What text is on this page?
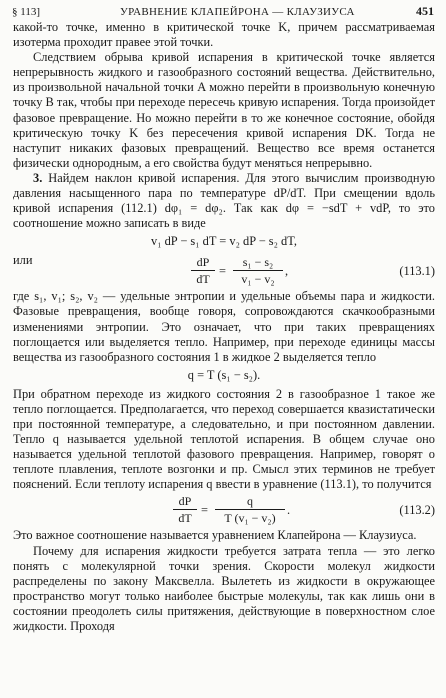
§ 113]	УРАВНЕНИЕ КЛАПЕЙРОНА — КЛАУЗИУСА	451

какой-то точке, именно в критической точке K, причем рассматриваемая изотерма проходит правее этой точки.

Следствием обрыва кривой испарения в критической точке является непрерывность жидкого и газообразного состояний вещества. Действительно, из произвольной начальной точки A можно перейти в произвольную конечную точку B так, чтобы при переходе пересечь кривую испарения. Тогда произойдет фазовое превращение. Но можно перейти в то же конечное состояние, обойдя критическую точку K без пересечения кривой испарения DK. Тогда не наступит никаких фазовых превращений. Вещество все время останется физически однородным, а его свойства будут меняться непрерывно.

3. Найдем наклон кривой испарения. Для этого вычислим производную давления насыщенного пара по температуре dP/dT. При смещении вдоль кривой испарения (112.1) dφ₁ = dφ₂. Так как dφ = −sdT + vdP, то это соотношение можно записать в виде

v₁ dP − s₁ dT = v₂ dP − s₂ dT,
или	dP
dT
=
s₁ − s₂
v₁ − v₂
,	(113.1)

где s₁, v₁; s₂, v₂ — удельные энтропии и удельные объемы пара и жидкости. Фазовые превращения, вообще говоря, сопровождаются скачкообразными изменениями энтропии. Это означает, что при таких превращениях поглощается или выделяется тепло. Например, при переходе единицы массы вещества из газообразного состояния 1 в жидкое 2 выделяется тепло

q = T (s₁ − s₂).

При обратном переходе из жидкого состояния 2 в газообразное 1 такое же тепло поглощается. Предполагается, что переход совершается квазистатически при постоянной температуре, а следовательно, и при постоянном давлении. Тепло q называется удельной теплотой испарения. В общем случае оно называется удельной теплотой фазового превращения. Например, говорят о теплоте плавления, теплоте возгонки и пр. Смысл этих терминов не требует пояснений. Если теплоту испарения q ввести в уравнение (113.1), то получится

dP
dT
=
q
T (v₁ − v₂)
.	(113.2)

Это важное соотношение называется уравнением Клапейрона — Клаузиуса.

Почему для испарения жидкости требуется затрата тепла — это легко понять с молекулярной точки зрения. Скорости молекул жидкости распределены по закону Максвелла. Вылететь из жидкости в окружающее пространство могут только наиболее быстрые молекулы, так как лишь они в состоянии преодолеть силы притяжения, действующие в поверхностном слое жидкости. Проходя
